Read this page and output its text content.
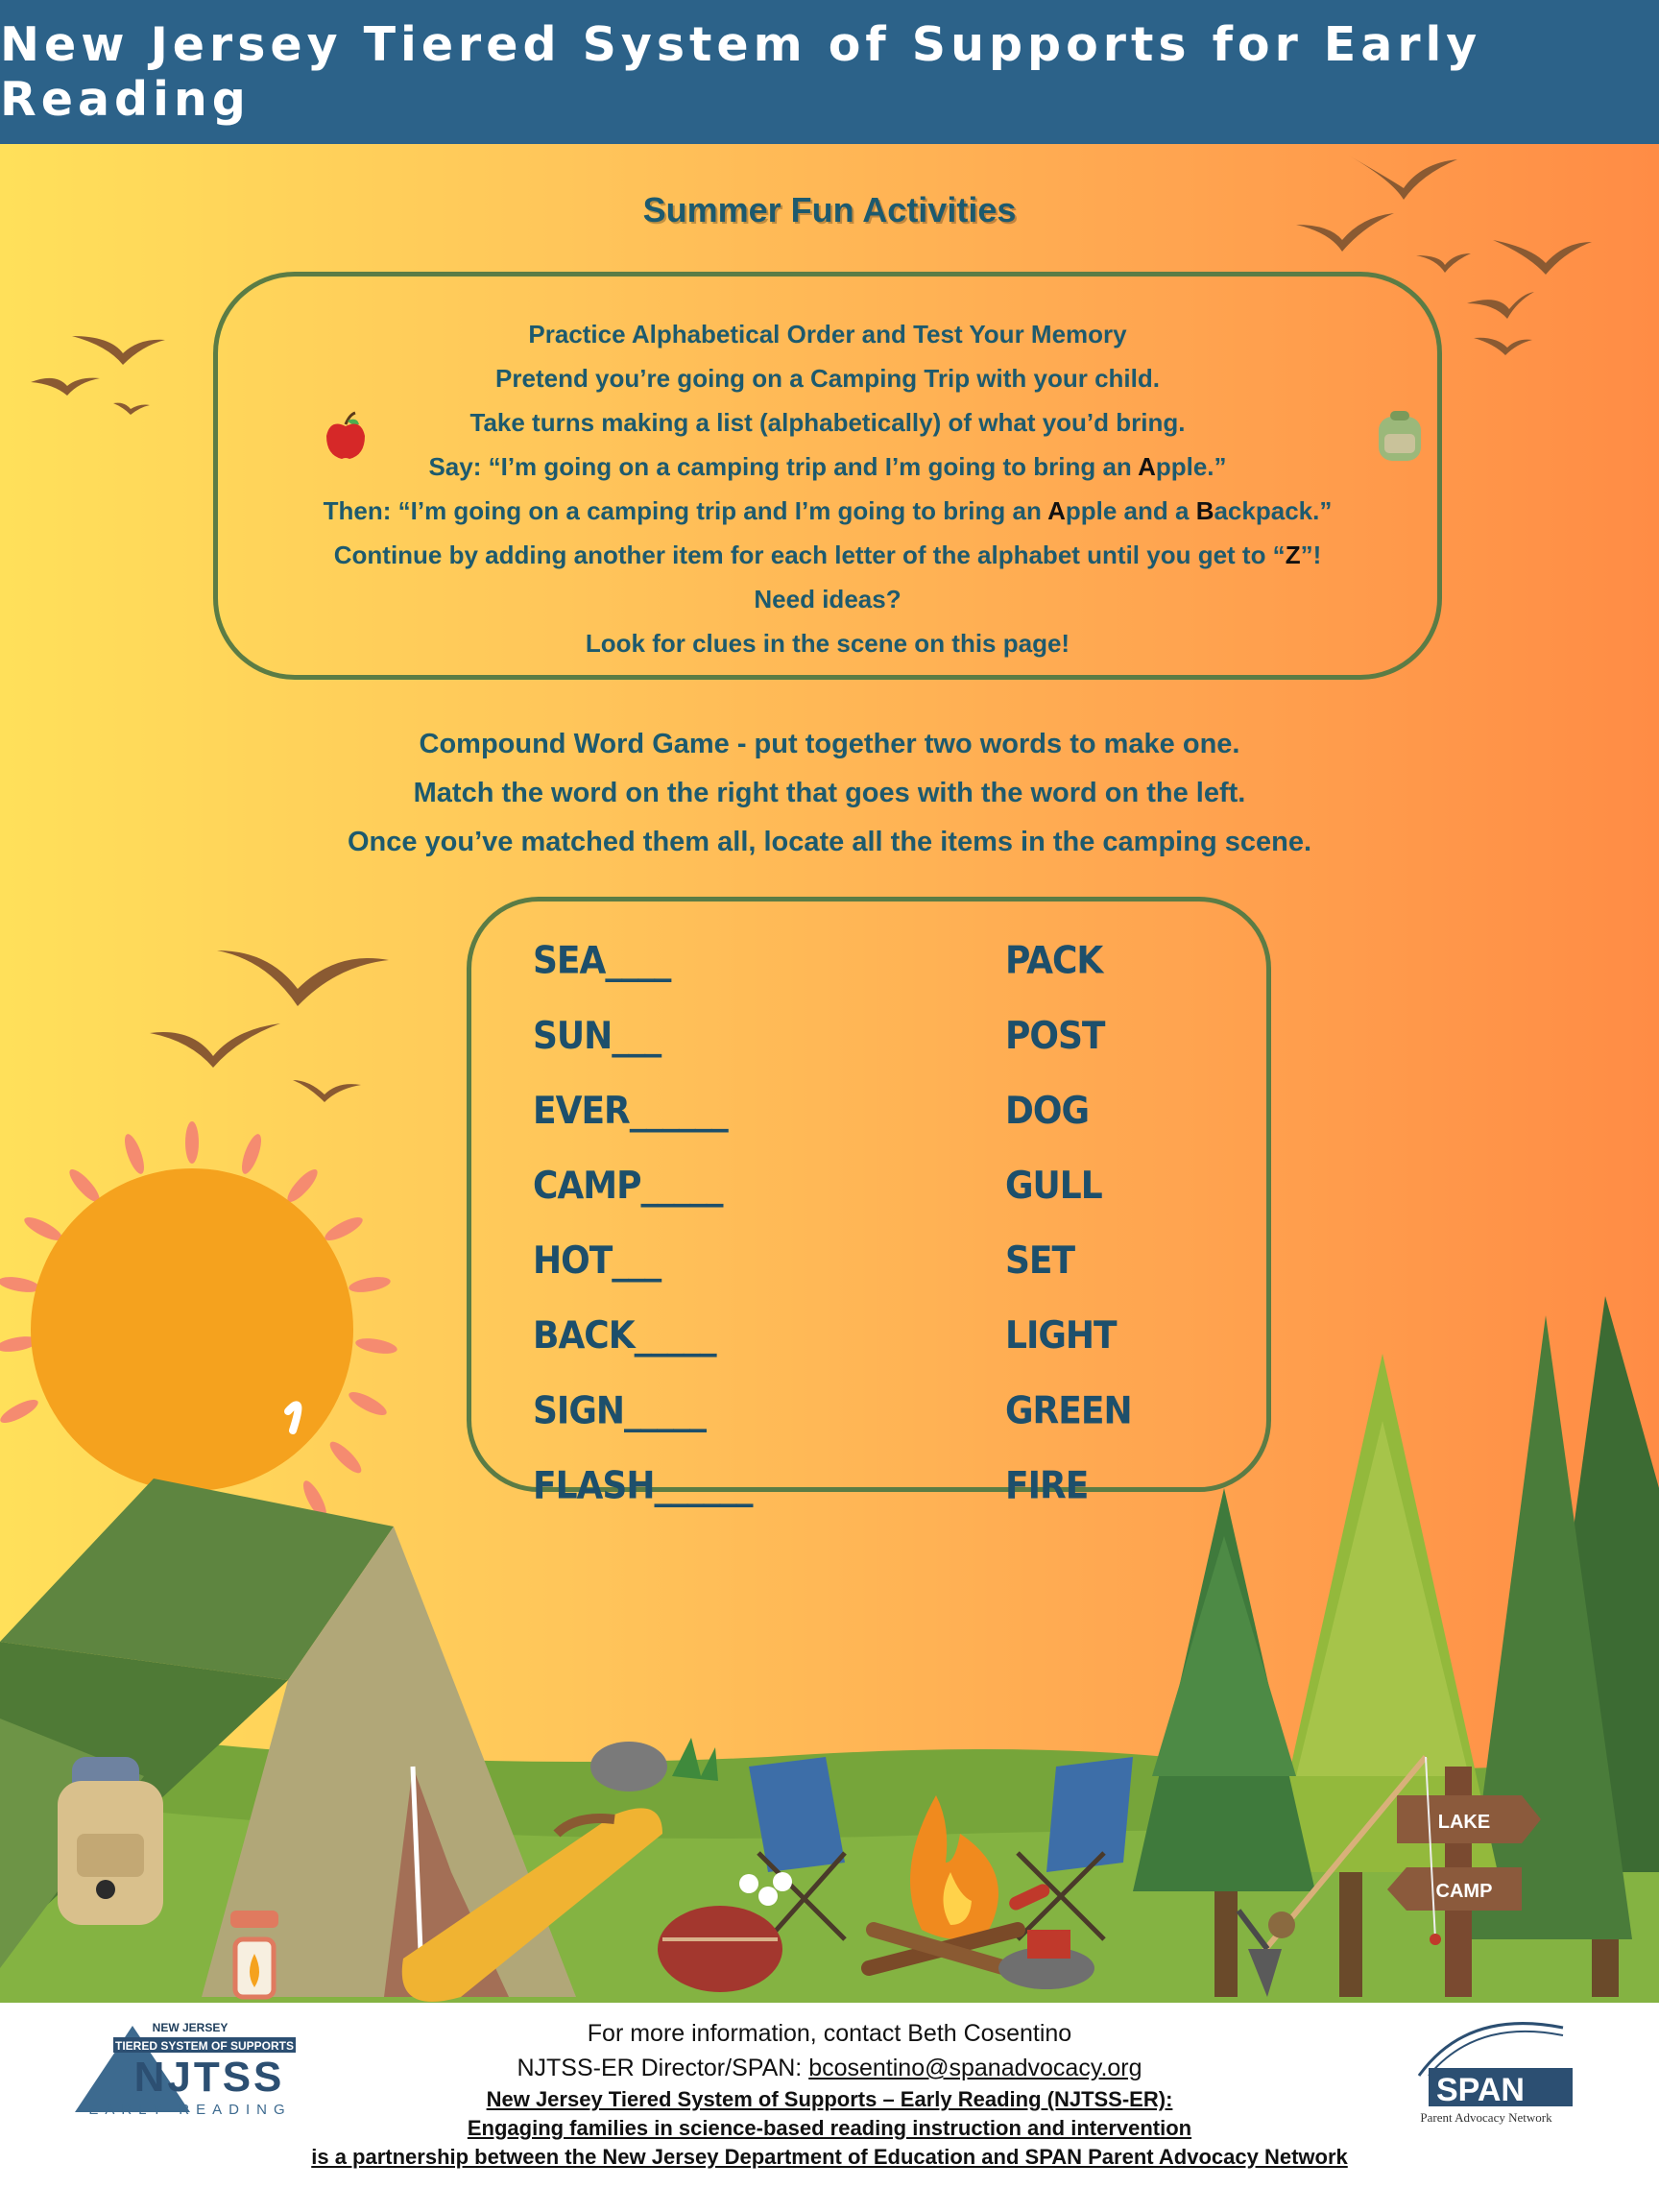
New Jersey Tiered System of Supports for Early Reading
LAKE
CAMP
Summer Fun Activities

Practice Alphabetical Order and Test Your Memory

Pretend you’re going on a Camping Trip with your child.

Take turns making a list (alphabetically) of what you’d bring.

Say: “I’m going on a camping trip and I’m going to bring an Apple.”

Then: “I’m going on a camping trip and I’m going to bring an Apple and a Backpack.”

Continue by adding another item for each letter of the alphabet until you get to “Z”!

Need ideas?

Look for clues in the scene on this page!

Compound Word Game - put together two words to make one.

Match the word on the right that goes with the word on the left.

Once you’ve matched them all, locate all the items in the camping scene.

SEA____
SUN___
EVER______
CAMP_____
HOT___
BACK_____
SIGN_____
FLASH______
PACK
POST
DOG
GULL
SET
LIGHT
GREEN
FIRE
For more information, contact Beth Cosentino
NJTSS-ER Director/SPAN: bcosentino@spanadvocacy.org
New Jersey Tiered System of Supports – Early Reading (NJTSS-ER):
Engaging families in science-based reading instruction and intervention
is a partnership between the New Jersey Department of Education and SPAN Parent Advocacy Network
NEW JERSEY
TIERED SYSTEM OF SUPPORTS
NJTSS
EARLY READING
SPAN
Parent Advocacy Network
